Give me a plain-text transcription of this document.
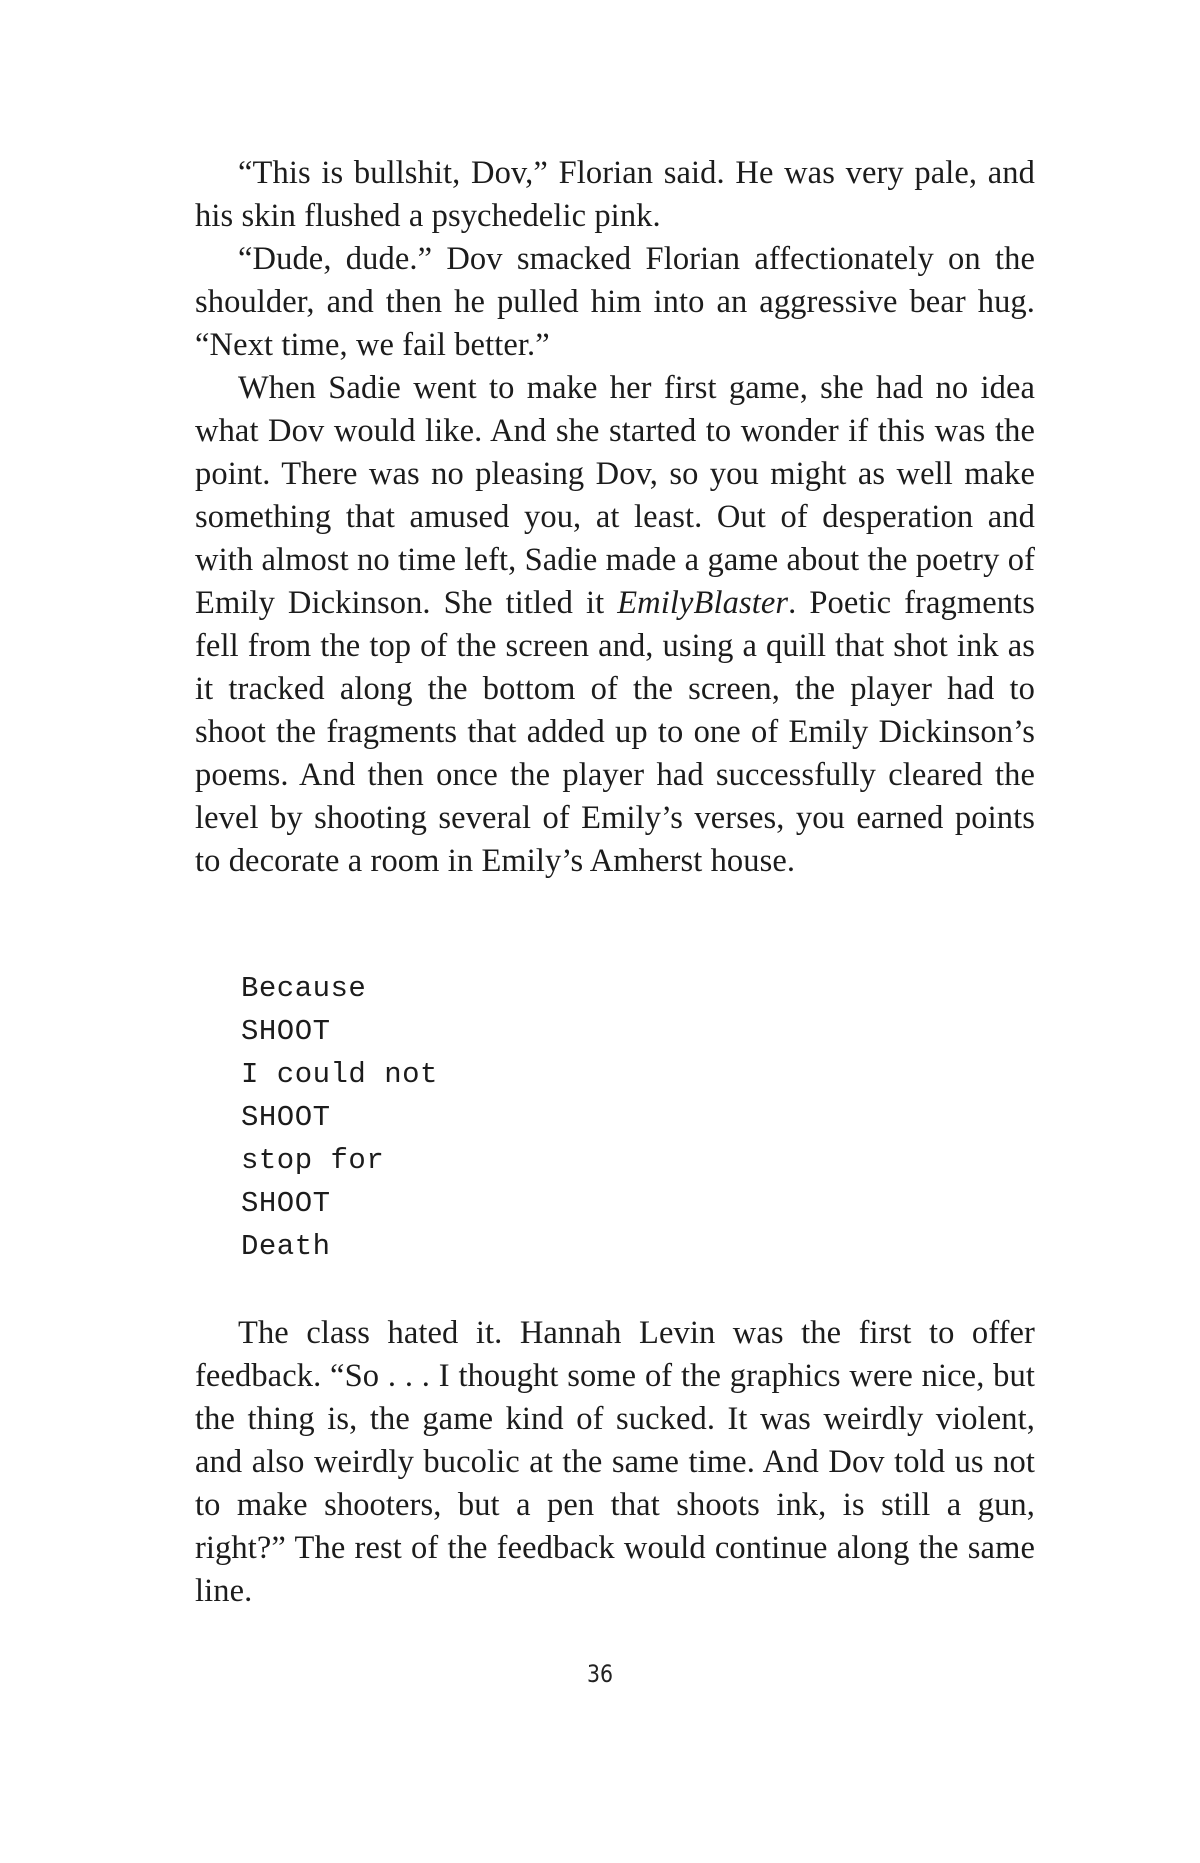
“This is bullshit, Dov,” Florian said. He was very pale, and his skin flushed a psychedelic pink.

“Dude, dude.” Dov smacked Florian affectionately on the shoulder, and then he pulled him into an aggressive bear hug. “Next time, we fail better.”

When Sadie went to make her first game, she had no idea what Dov would like. And she started to wonder if this was the point. There was no pleasing Dov, so you might as well make something that amused you, at least. Out of desperation and with almost no time left, Sadie made a game about the poetry of Emily Dickinson. She titled it EmilyBlaster. Poetic fragments fell from the top of the screen and, using a quill that shot ink as it tracked along the bottom of the screen, the player had to shoot the fragments that added up to one of Emily Dickinson’s poems. And then once the player had successfully cleared the level by shooting several of Emily’s verses, you earned points to decorate a room in Emily’s Amherst house.

Because
SHOOT
I could not
SHOOT
stop for
SHOOT
Death

The class hated it. Hannah Levin was the first to offer feedback. “So . . . I thought some of the graphics were nice, but the thing is, the game kind of sucked. It was weirdly violent, and also weirdly bucolic at the same time. And Dov told us not to make shooters, but a pen that shoots ink, is still a gun, right?” The rest of the feedback would continue along the same line.

36
